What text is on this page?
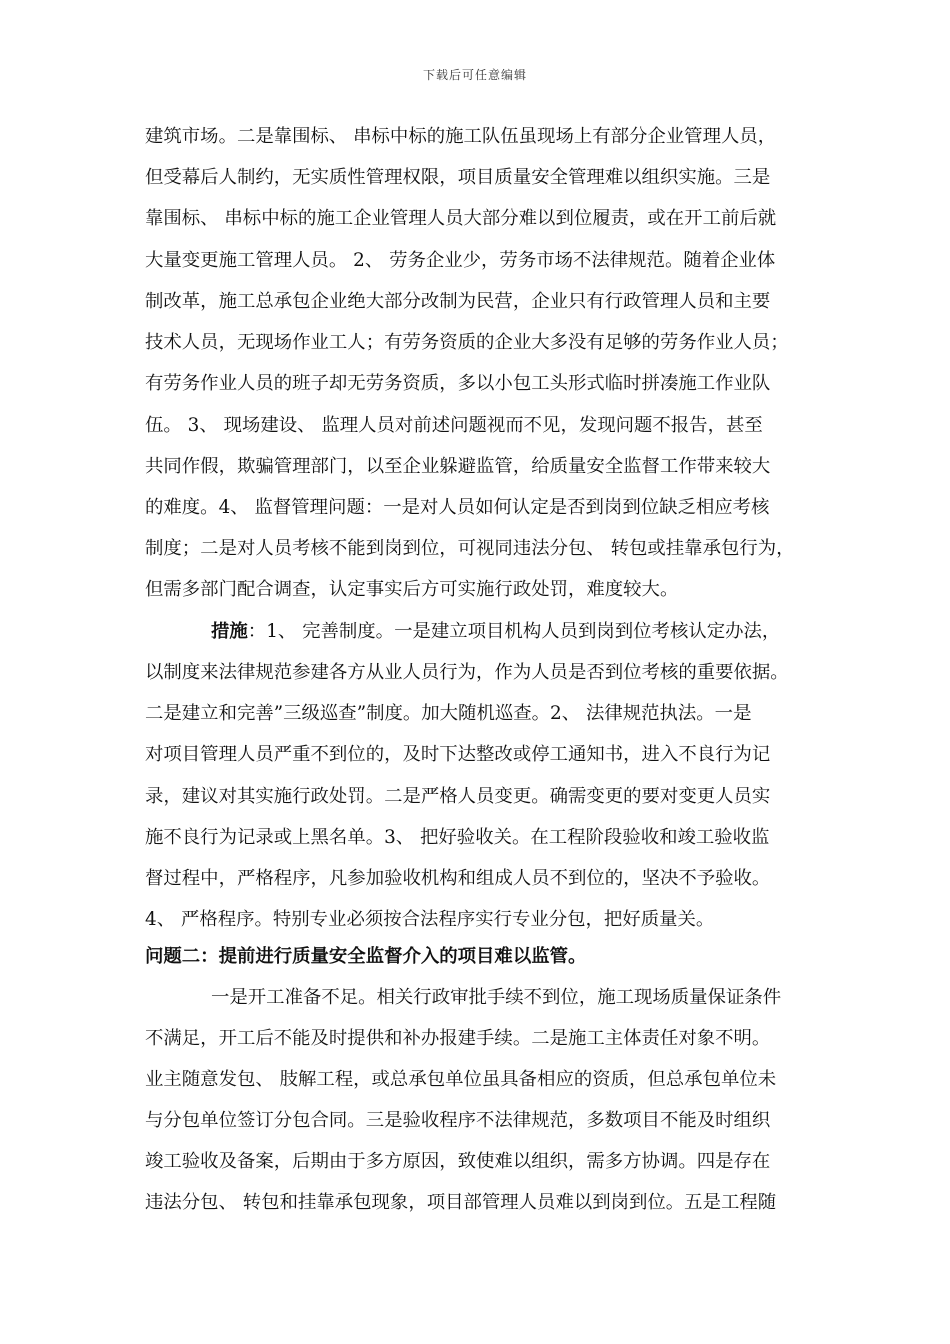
下载后可任意编辑
建筑市场。二是靠围标、 串标中标的施工队伍虽现场上有部分企业管理人员，
但受幕后人制约，无实质性管理权限，项目质量安全管理难以组织实施。三是
靠围标、 串标中标的施工企业管理人员大部分难以到位履责，或在开工前后就
大量变更施工管理人员。 2、 劳务企业少，劳务市场不法律规范。随着企业体
制改革，施工总承包企业绝大部分改制为民营，企业只有行政管理人员和主要
技术人员，无现场作业工人；有劳务资质的企业大多没有足够的劳务作业人员；
有劳务作业人员的班子却无劳务资质，多以小包工头形式临时拼凑施工作业队
伍。 3、 现场建设、 监理人员对前述问题视而不见，发现问题不报告，甚至
共同作假，欺骗管理部门，以至企业躲避监管，给质量安全监督工作带来较大
的难度。4、 监督管理问题：一是对人员如何认定是否到岗到位缺乏相应考核
制度；二是对人员考核不能到岗到位，可视同违法分包、 转包或挂靠承包行为，
但需多部门配合调查，认定事实后方可实施行政处罚，难度较大。
措施：1、 完善制度。一是建立项目机构人员到岗到位考核认定办法，
以制度来法律规范参建各方从业人员行为，作为人员是否到位考核的重要依据。
二是建立和完善”三级巡查”制度。加大随机巡查。2、 法律规范执法。一是
对项目管理人员严重不到位的，及时下达整改或停工通知书，进入不良行为记
录，建议对其实施行政处罚。二是严格人员变更。确需变更的要对变更人员实
施不良行为记录或上黑名单。3、 把好验收关。在工程阶段验收和竣工验收监
督过程中，严格程序，凡参加验收机构和组成人员不到位的，坚决不予验收。
4、 严格程序。特别专业必须按合法程序实行专业分包，把好质量关。
问题二：提前进行质量安全监督介入的项目难以监管。
一是开工准备不足。相关行政审批手续不到位，施工现场质量保证条件
不满足，开工后不能及时提供和补办报建手续。二是施工主体责任对象不明。
业主随意发包、 肢解工程，或总承包单位虽具备相应的资质，但总承包单位未
与分包单位签订分包合同。三是验收程序不法律规范，多数项目不能及时组织
竣工验收及备案，后期由于多方原因，致使难以组织，需多方协调。四是存在
违法分包、 转包和挂靠承包现象，项目部管理人员难以到岗到位。五是工程随
